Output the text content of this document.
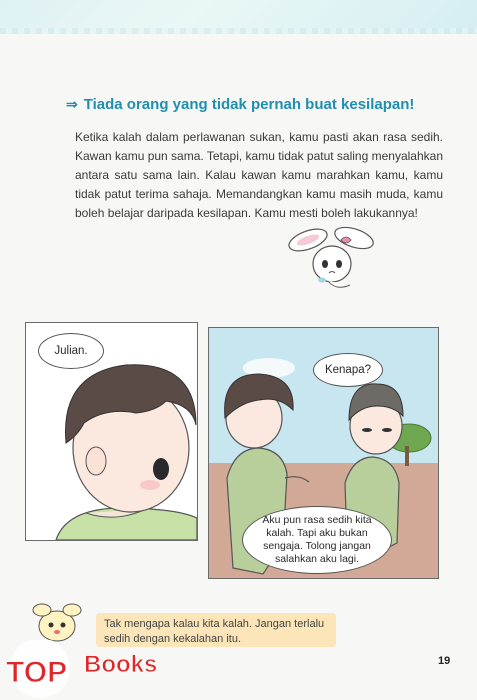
⇒ Tiada orang yang tidak pernah buat kesilapan!
Ketika kalah dalam perlawanan sukan, kamu pasti akan rasa sedih. Kawan kamu pun sama. Tetapi, kamu tidak patut saling menyalahkan antara satu sama lain. Kalau kawan kamu marahkan kamu, kamu tidak patut terima sahaja. Memandangkan kamu masih muda, kamu boleh belajar daripada kesilapan. Kamu mesti boleh lakukannya!
Julian.
Kenapa?
Aku pun rasa sedih kita kalah. Tapi aku bukan sengaja. Tolong jangan salahkan aku lagi.
Tak mengapa kalau kita kalah. Jangan terlalu sedih dengan kekalahan itu.
19
TOP Books
